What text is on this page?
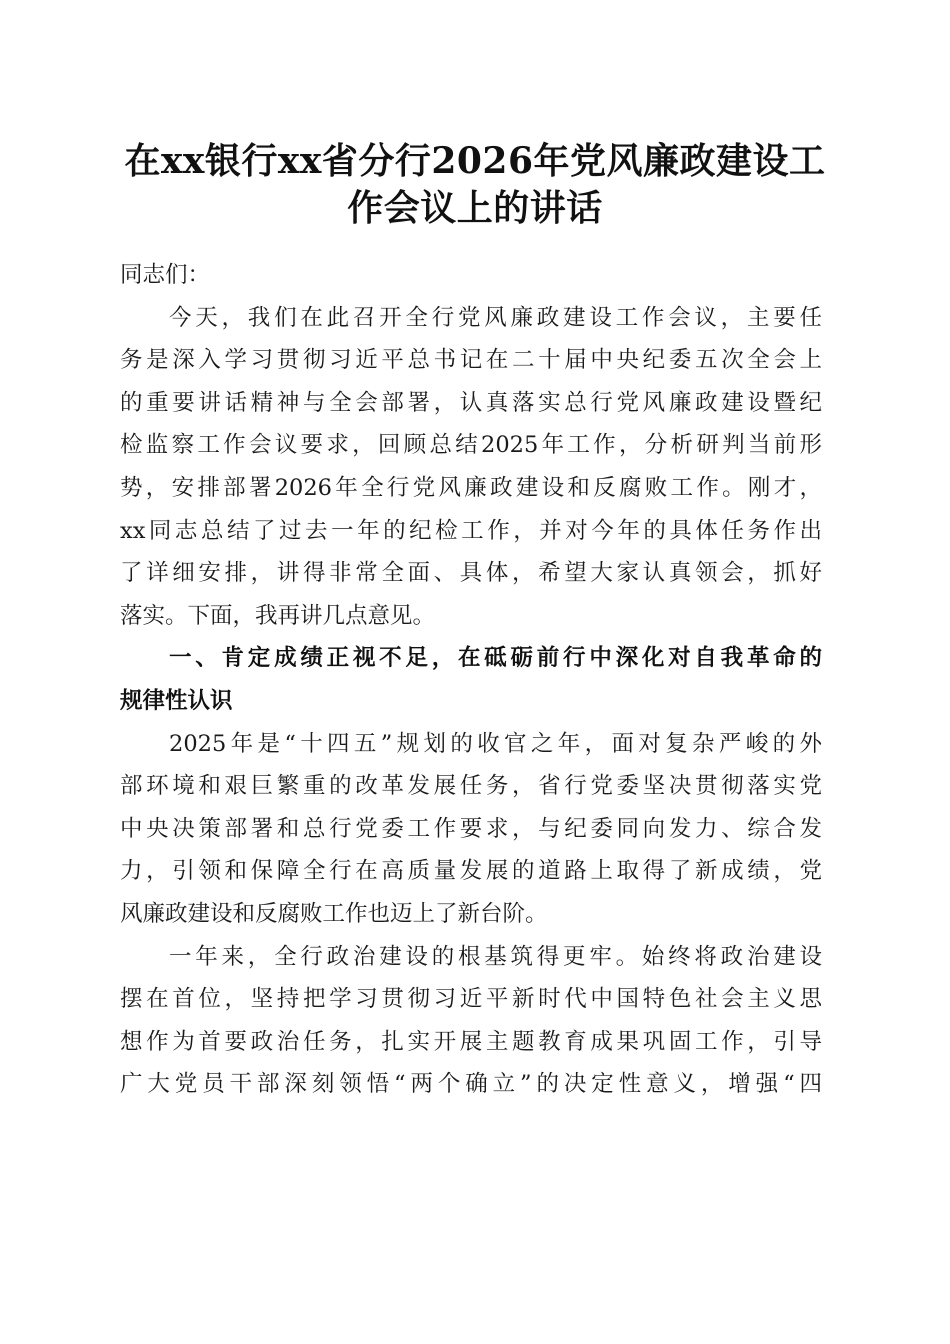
在xx银行xx省分行2026年党风廉政建设工
作会议上的讲话
同志们：
今天，我们在此召开全行党风廉政建设工作会议，主要任
务是深入学习贯彻习近平总书记在二十届中央纪委五次全会上
的重要讲话精神与全会部署，认真落实总行党风廉政建设暨纪
检监察工作会议要求，回顾总结2025年工作，分析研判当前形
势，安排部署2026年全行党风廉政建设和反腐败工作。刚才，
xx同志总结了过去一年的纪检工作，并对今年的具体任务作出
了详细安排，讲得非常全面、具体，希望大家认真领会，抓好
落实。下面，我再讲几点意见。
一、肯定成绩正视不足，在砥砺前行中深化对自我革命的
规律性认识
2025年是“十四五”规划的收官之年，面对复杂严峻的外
部环境和艰巨繁重的改革发展任务，省行党委坚决贯彻落实党
中央决策部署和总行党委工作要求，与纪委同向发力、综合发
力，引领和保障全行在高质量发展的道路上取得了新成绩，党
风廉政建设和反腐败工作也迈上了新台阶。
一年来，全行政治建设的根基筑得更牢。始终将政治建设
摆在首位，坚持把学习贯彻习近平新时代中国特色社会主义思
想作为首要政治任务，扎实开展主题教育成果巩固工作，引导
广大党员干部深刻领悟“两个确立”的决定性意义，增强“四
